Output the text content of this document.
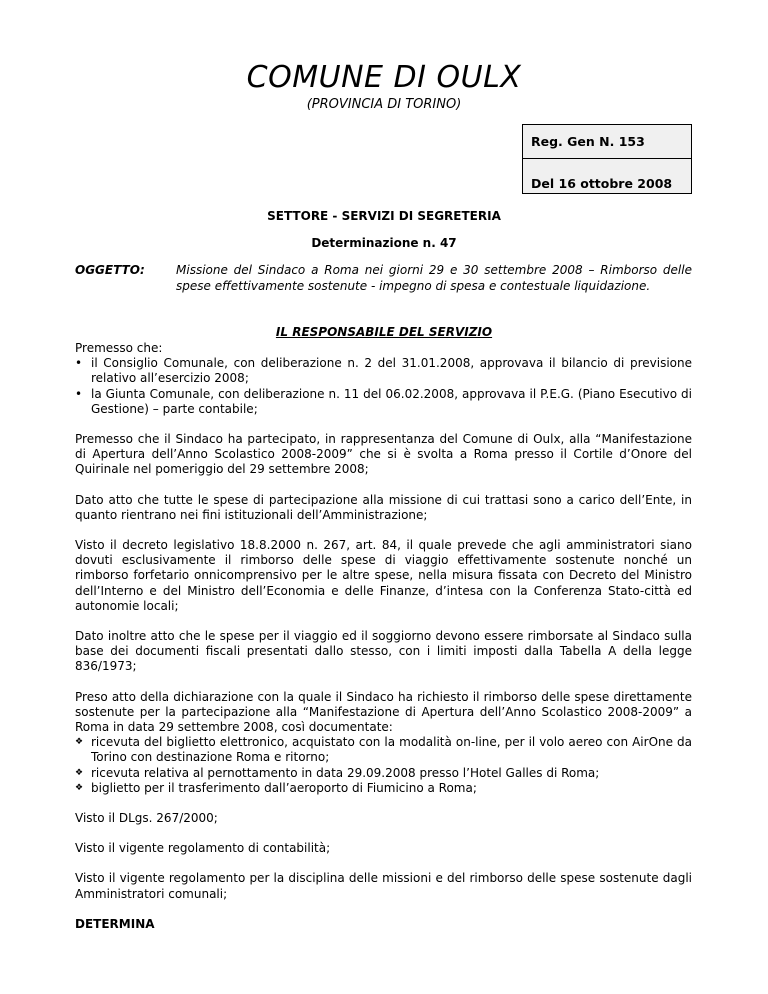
COMUNE DI OULX
(PROVINCIA DI TORINO)
Reg. Gen N. 153
Del 16 ottobre 2008
SETTORE - SERVIZI DI SEGRETERIA
Determinazione n. 47
OGGETTO:	Missione del Sindaco a Roma nei giorni 29 e 30 settembre 2008 – Rimborso delle spese effettivamente sostenute - impegno di spesa e contestuale liquidazione.
IL RESPONSABILE DEL SERVIZIO

Premesso che:

• il Consiglio Comunale, con deliberazione n. 2 del 31.01.2008, approvava il bilancio di previsione relativo all’esercizio 2008;
• la Giunta Comunale, con deliberazione n. 11 del 06.02.2008, approvava il P.E.G. (Piano Esecutivo di Gestione) – parte contabile;

Premesso che il Sindaco ha partecipato, in rappresentanza del Comune di Oulx, alla “Manifestazione di Apertura dell’Anno Scolastico 2008-2009” che si è svolta a Roma presso il Cortile d’Onore del Quirinale nel pomeriggio del 29 settembre 2008;

Dato atto che tutte le spese di partecipazione alla missione di cui trattasi sono a carico dell’Ente, in quanto rientrano nei fini istituzionali dell’Amministrazione;

Visto il decreto legislativo 18.8.2000 n. 267, art. 84, il quale prevede che agli amministratori siano dovuti esclusivamente il rimborso delle spese di viaggio effettivamente sostenute nonché un rimborso forfetario onnicomprensivo per le altre spese, nella misura fissata con Decreto del Ministro dell’Interno e del Ministro dell’Economia e delle Finanze, d’intesa con la Conferenza Stato-città ed autonomie locali;

Dato inoltre atto che le spese per il viaggio ed il soggiorno devono essere rimborsate al Sindaco sulla base dei documenti fiscali presentati dallo stesso, con i limiti imposti dalla Tabella A della legge 836/1973;

Preso atto della dichiarazione con la quale il Sindaco ha richiesto il rimborso delle spese direttamente sostenute per la partecipazione alla “Manifestazione di Apertura dell’Anno Scolastico 2008-2009” a Roma in data 29 settembre 2008, così documentate:

❖ ricevuta del biglietto elettronico, acquistato con la modalità on-line, per il volo aereo con AirOne da Torino con destinazione Roma e ritorno;
❖ ricevuta relativa al pernottamento in data 29.09.2008 presso l’Hotel Galles di Roma;
❖ biglietto per il trasferimento dall’aeroporto di Fiumicino a Roma;

Visto il DLgs. 267/2000;

Visto il vigente regolamento di contabilità;

Visto il vigente regolamento per la disciplina delle missioni e del rimborso delle spese sostenute dagli Amministratori comunali;

DETERMINA
